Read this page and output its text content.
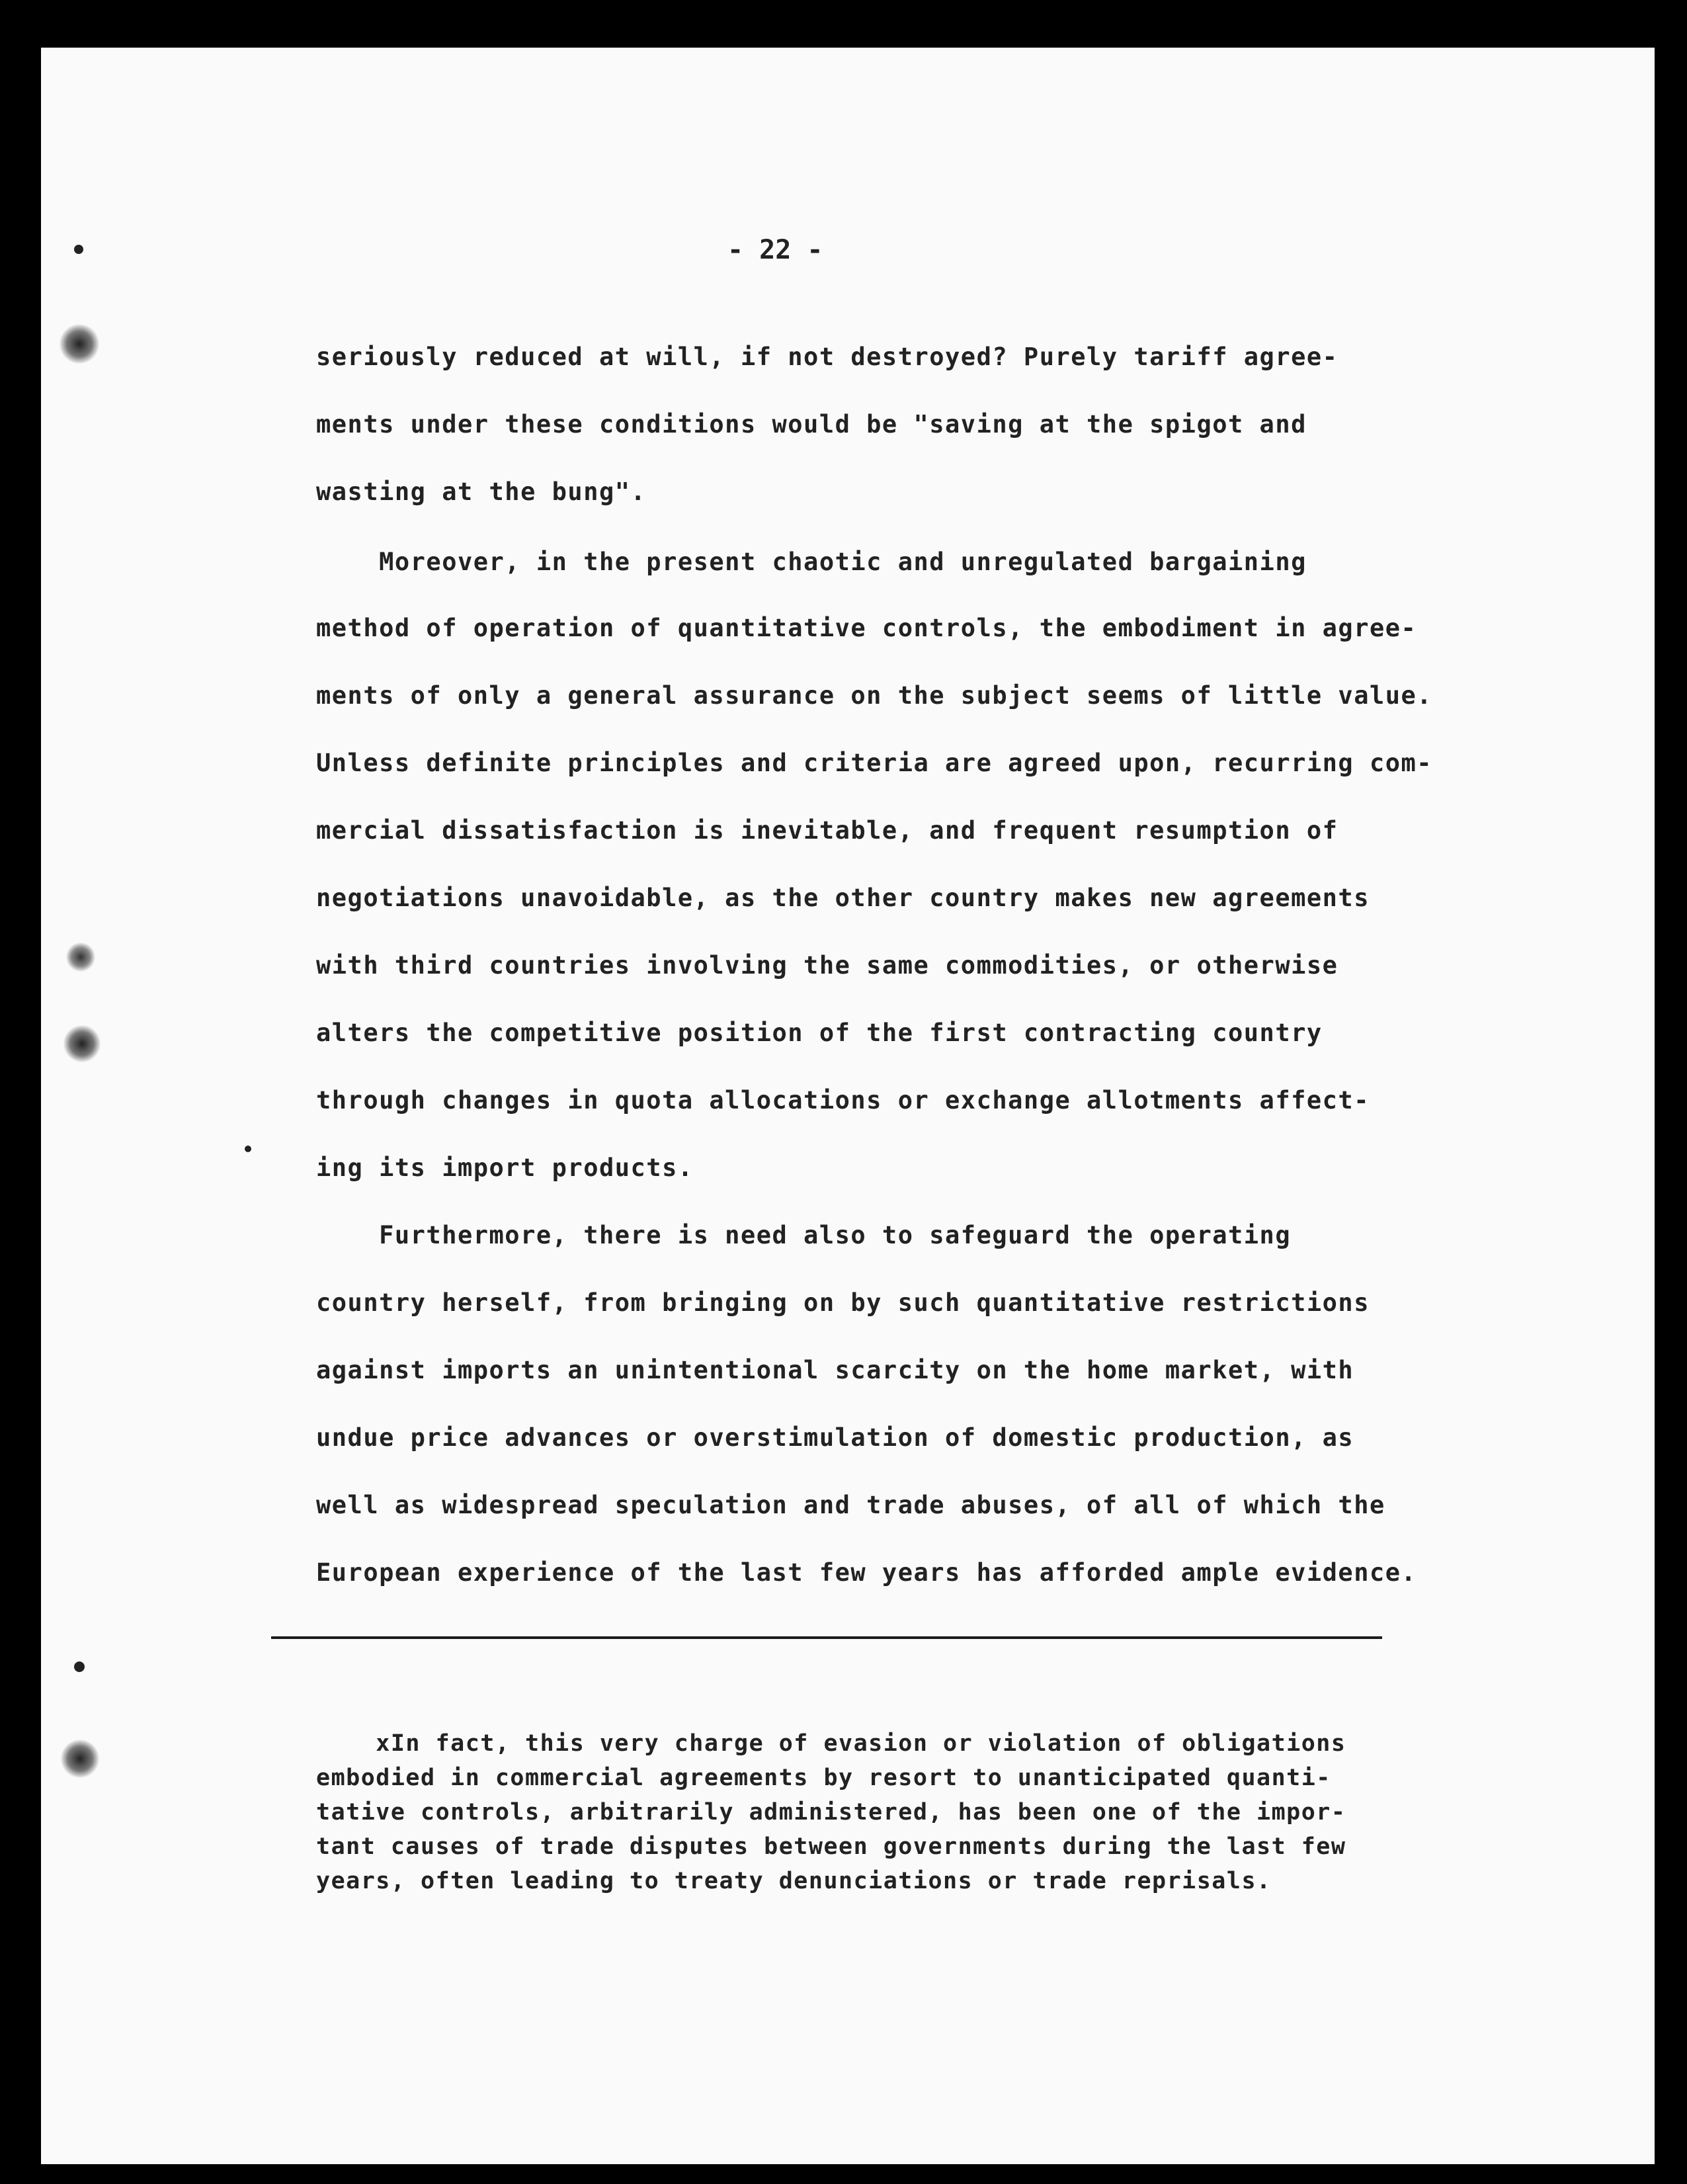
- 22 -

seriously reduced at will, if not destroyed? Purely tariff agree-

ments under these conditions would be "saving at the spigot and

wasting at the bung".

Moreover, in the present chaotic and unregulated bargaining

method of operation of quantitative controls, the embodiment in agree-

ments of only a general assurance on the subject seems of little value.

Unless definite principles and criteria are agreed upon, recurring com-

mercial dissatisfaction is inevitable, and frequent resumption of

negotiations unavoidable, as the other country makes new agreements

with third countries involving the same commodities, or otherwise

alters the competitive position of the first contracting country

through changes in quota allocations or exchange allotments affect-

ing its import products.

Furthermore, there is need also to safeguard the operating

country herself, from bringing on by such quantitative restrictions

against imports an unintentional scarcity on the home market, with

undue price advances or overstimulation of domestic production, as

well as widespread speculation and trade abuses, of all of which the

European experience of the last few years has afforded ample evidence.

xIn fact, this very charge of evasion or violation of obligations

embodied in commercial agreements by resort to unanticipated quanti-

tative controls, arbitrarily administered, has been one of the impor-

tant causes of trade disputes between governments during the last few

years, often leading to treaty denunciations or trade reprisals.
